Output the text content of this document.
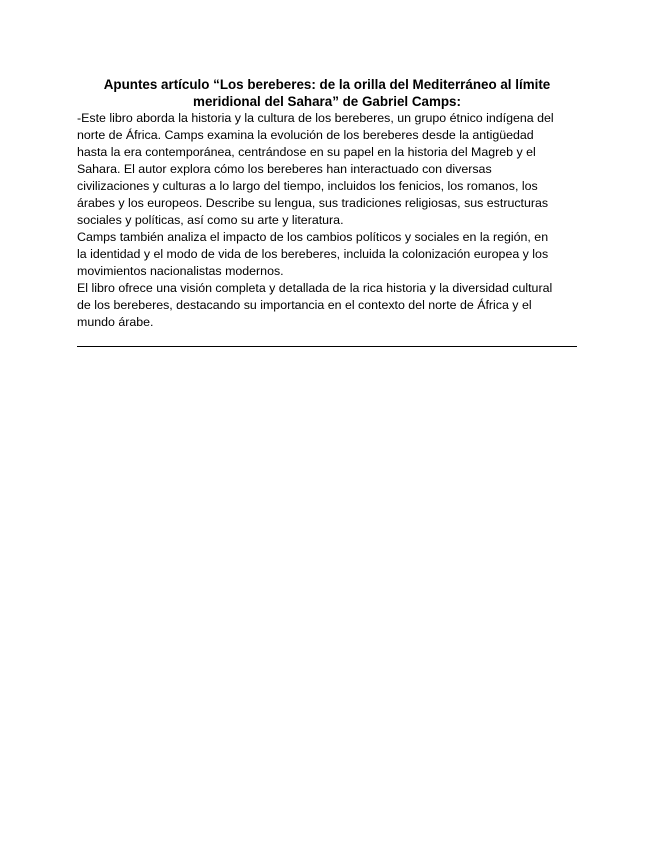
Apuntes artículo “Los bereberes: de la orilla del Mediterráneo al límite
meridional del Sahara” de Gabriel Camps:

-Este libro aborda la historia y la cultura de los bereberes, un grupo étnico indígena del
norte de África. Camps examina la evolución de los bereberes desde la antigüedad
hasta la era contemporánea, centrándose en su papel en la historia del Magreb y el
Sahara. El autor explora cómo los bereberes han interactuado con diversas
civilizaciones y culturas a lo largo del tiempo, incluidos los fenicios, los romanos, los
árabes y los europeos. Describe su lengua, sus tradiciones religiosas, sus estructuras
sociales y políticas, así como su arte y literatura.

Camps también analiza el impacto de los cambios políticos y sociales en la región, en
la identidad y el modo de vida de los bereberes, incluida la colonización europea y los
movimientos nacionalistas modernos.

El libro ofrece una visión completa y detallada de la rica historia y la diversidad cultural
de los bereberes, destacando su importancia en el contexto del norte de África y el
mundo árabe.
